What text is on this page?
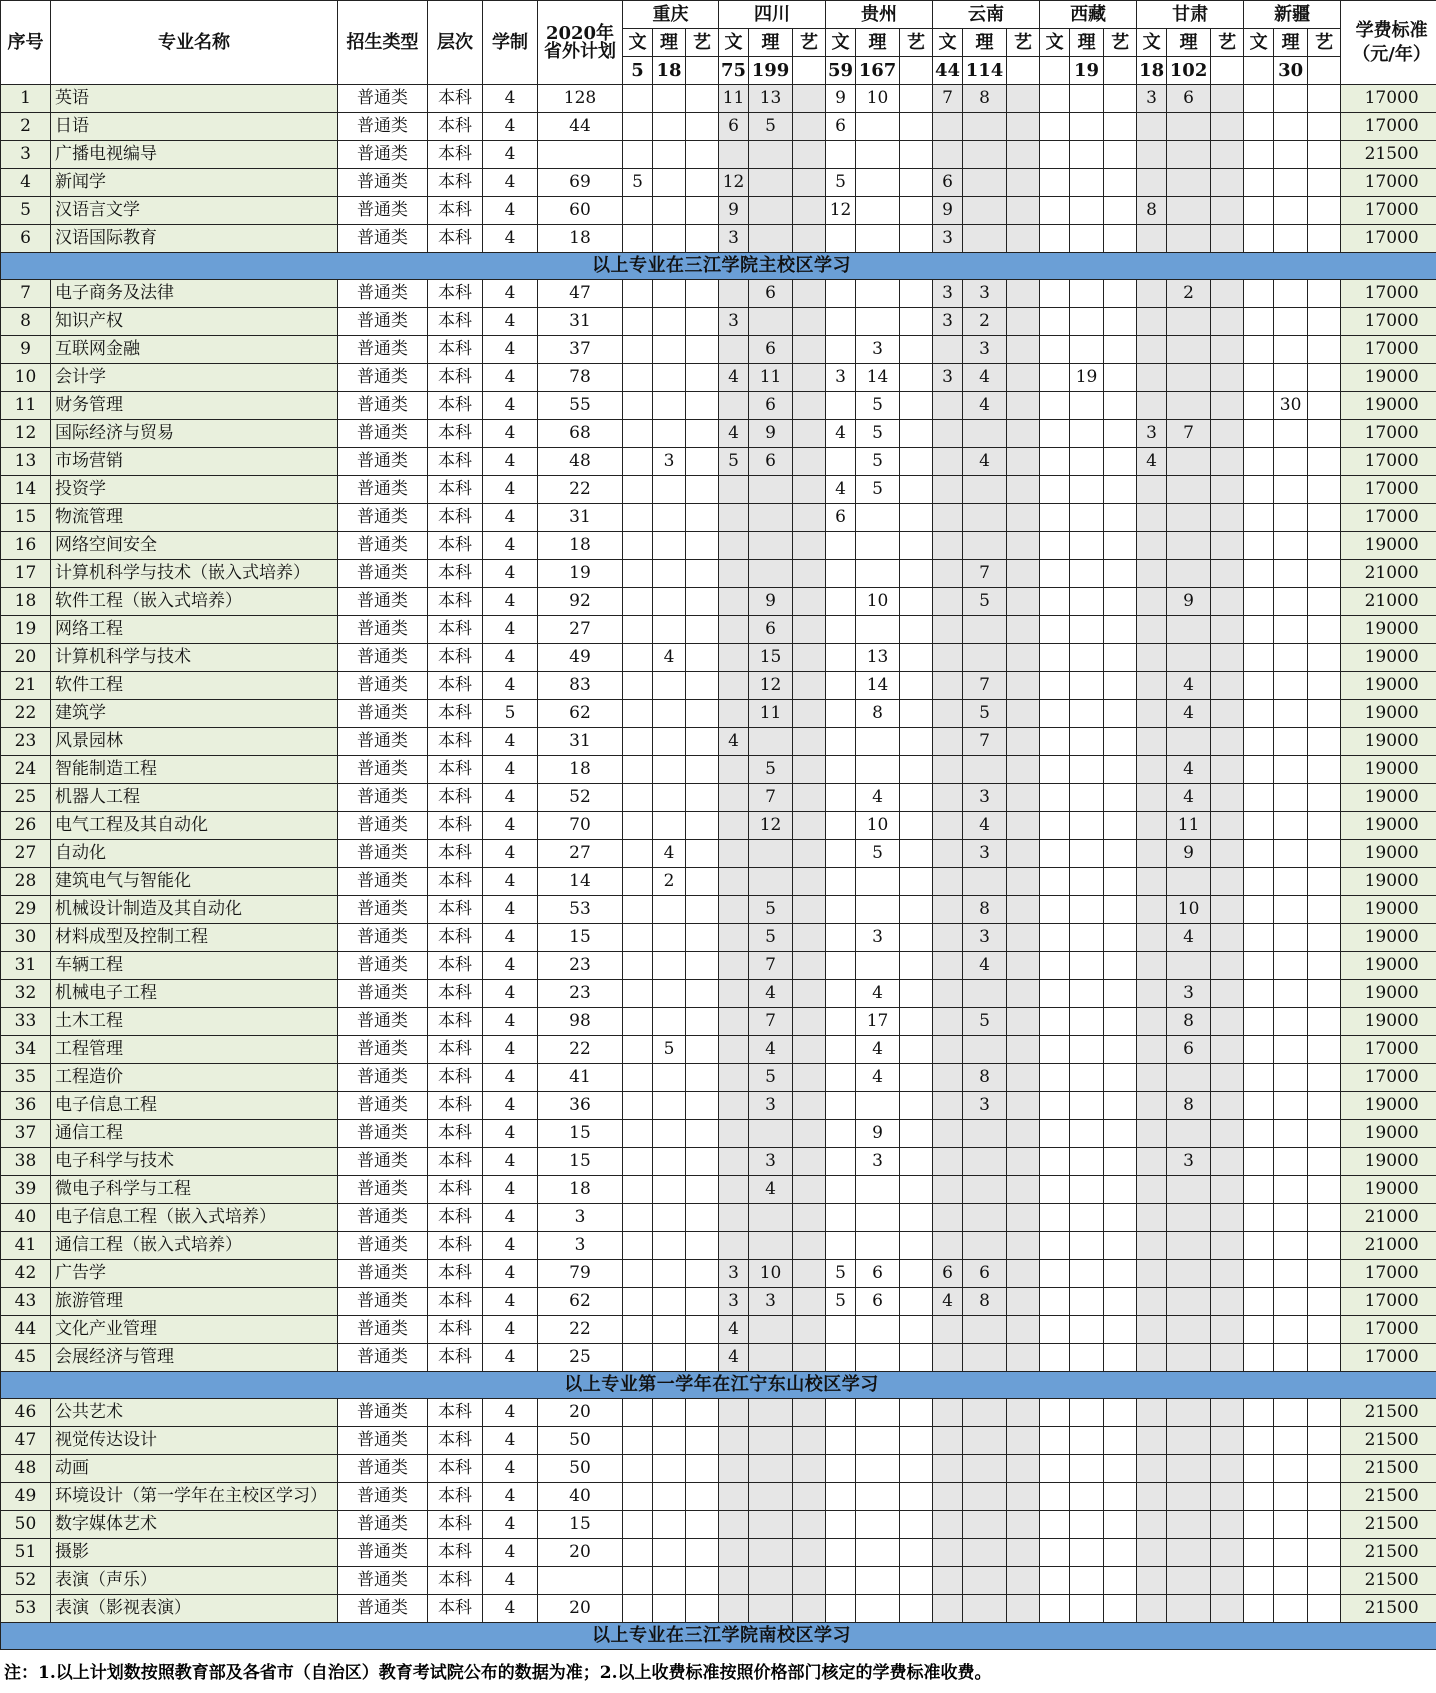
序号	专业名称	招生类型	层次	学制	2020年省外计划	重庆			四川			贵州			云南			西藏			甘肃			新疆			学费标准（元/年）
						文	理	艺	文	理	艺	文	理	艺	文	理	艺	文	理	艺	文	理	艺	文	理	艺	
						5	18		75	199		59	167		44	114			19		18	102			30		
1	英语	普通类	本科	4	128				11	13		9	10		7	8					3	6					17000
2	日语	普通类	本科	4	44				6	5		6															17000
3	广播电视编导	普通类	本科	4																							21500
4	新闻学	普通类	本科	4	69	5			12			5			6												17000
5	汉语言文学	普通类	本科	4	60				9			12			9						8						17000
6	汉语国际教育	普通类	本科	4	18				3						3												17000
以上专业在三江学院主校区学习																											
7	电子商务及法律	普通类	本科	4	47					6					3	3						2					17000
8	知识产权	普通类	本科	4	31				3						3	2											17000
9	互联网金融	普通类	本科	4	37					6			3			3											17000
10	会计学	普通类	本科	4	78				4	11		3	14		3	4			19								19000
11	财务管理	普通类	本科	4	55					6			5			4									30		19000
12	国际经济与贸易	普通类	本科	4	68				4	9		4	5								3	7					17000
13	市场营销	普通类	本科	4	48		3		5	6			5			4					4						17000
14	投资学	普通类	本科	4	22							4	5														17000
15	物流管理	普通类	本科	4	31							6															17000
16	网络空间安全	普通类	本科	4	18																						19000
17	计算机科学与技术（嵌入式培养）	普通类	本科	4	19											7											21000
18	软件工程（嵌入式培养）	普通类	本科	4	92					9			10			5						9					21000
19	网络工程	普通类	本科	4	27					6																	19000
20	计算机科学与技术	普通类	本科	4	49		4			15			13														19000
21	软件工程	普通类	本科	4	83					12			14			7						4					19000
22	建筑学	普通类	本科	5	62					11			8			5						4					19000
23	风景园林	普通类	本科	4	31				4							7											19000
24	智能制造工程	普通类	本科	4	18					5												4					19000
25	机器人工程	普通类	本科	4	52					7			4			3						4					19000
26	电气工程及其自动化	普通类	本科	4	70					12			10			4						11					19000
27	自动化	普通类	本科	4	27		4						5			3						9					19000
28	建筑电气与智能化	普通类	本科	4	14		2																				19000
29	机械设计制造及其自动化	普通类	本科	4	53					5						8						10					19000
30	材料成型及控制工程	普通类	本科	4	15					5			3			3						4					19000
31	车辆工程	普通类	本科	4	23					7						4											19000
32	机械电子工程	普通类	本科	4	23					4			4									3					19000
33	土木工程	普通类	本科	4	98					7			17			5						8					19000
34	工程管理	普通类	本科	4	22		5			4			4									6					17000
35	工程造价	普通类	本科	4	41					5			4			8											17000
36	电子信息工程	普通类	本科	4	36					3						3						8					19000
37	通信工程	普通类	本科	4	15								9														19000
38	电子科学与技术	普通类	本科	4	15					3			3									3					19000
39	微电子科学与工程	普通类	本科	4	18					4																	19000
40	电子信息工程（嵌入式培养）	普通类	本科	4	3																						21000
41	通信工程（嵌入式培养）	普通类	本科	4	3																						21000
42	广告学	普通类	本科	4	79				3	10		5	6		6	6											17000
43	旅游管理	普通类	本科	4	62				3	3		5	6		4	8											17000
44	文化产业管理	普通类	本科	4	22				4																		17000
45	会展经济与管理	普通类	本科	4	25				4																		17000
以上专业第一学年在江宁东山校区学习																											
46	公共艺术	普通类	本科	4	20																						21500
47	视觉传达设计	普通类	本科	4	50																						21500
48	动画	普通类	本科	4	50																						21500
49	环境设计（第一学年在主校区学习）	普通类	本科	4	40																						21500
50	数字媒体艺术	普通类	本科	4	15																						21500
51	摄影	普通类	本科	4	20																						21500
52	表演（声乐）	普通类	本科	4																							21500
53	表演（影视表演）	普通类	本科	4	20																						21500
以上专业在三江学院南校区学习																											
注：1.以上计划数按照教育部及各省市（自治区）教育考试院公布的数据为准；2.以上收费标准按照价格部门核定的学费标准收费。
